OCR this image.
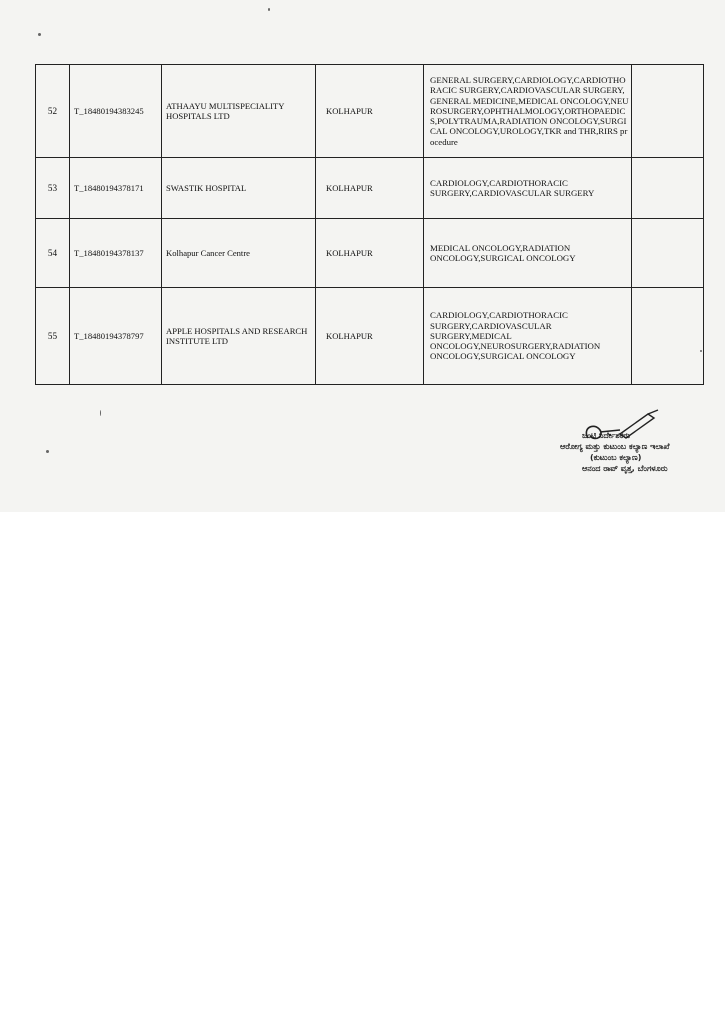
52	T_18480194383245	ATHAAYU MULTISPECIALITY HOSPITALS LTD	KOLHAPUR	GENERAL SURGERY,CARDIOLOGY,CARDIOTHORACIC SURGERY,CARDIOVASCULAR SURGERY,GENERAL MEDICINE,MEDICAL ONCOLOGY,NEUROSURGERY,OPHTHALMOLOGY,ORTHOPAEDICS,POLYTRAUMA,RADIATION ONCOLOGY,SURGICAL ONCOLOGY,UROLOGY,TKR and THR,RIRS procedure	
53	T_18480194378171	SWASTIK HOSPITAL	KOLHAPUR	CARDIOLOGY,CARDIOTHORACIC SURGERY,CARDIOVASCULAR SURGERY	
54	T_18480194378137	Kolhapur Cancer Centre	KOLHAPUR	MEDICAL ONCOLOGY,RADIATION ONCOLOGY,SURGICAL ONCOLOGY	
55	T_18480194378797	APPLE HOSPITALS AND RESEARCH INSTITUTE LTD	KOLHAPUR	CARDIOLOGY,CARDIOTHORACIC SURGERY,CARDIOVASCULAR SURGERY,MEDICAL ONCOLOGY,NEUROSURGERY,RADIATION ONCOLOGY,SURGICAL ONCOLOGY	
ಜಂಟಿ ನಿರ್ದೇಶಕರು
ಆರೋಗ್ಯ ಮತ್ತು ಕುಟುಂಬ ಕಲ್ಯಾಣ ಇಲಾಖೆ
(ಕುಟುಂಬ ಕಲ್ಯಾಣ)
ಆನಂದ ರಾವ್ ವೃತ್ತ, ಬೆಂಗಳೂರು
